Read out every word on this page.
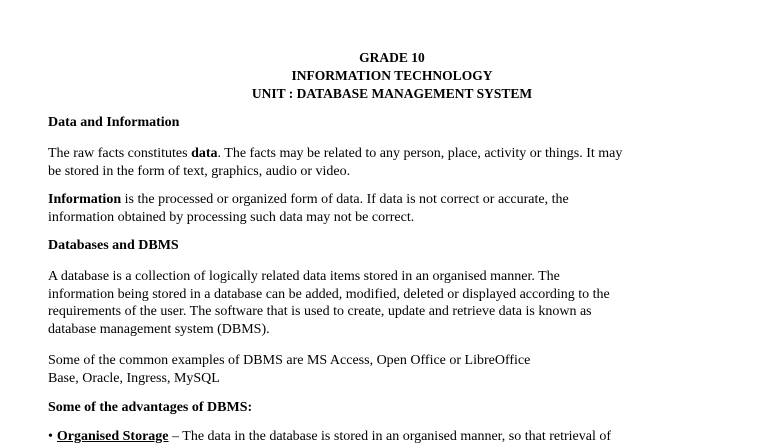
GRADE 10
INFORMATION TECHNOLOGY
UNIT : DATABASE MANAGEMENT SYSTEM
Data and Information
The raw facts constitutes data. The facts may be related to any person, place, activity or things. It may
be stored in the form of text, graphics, audio or video.
Information is the processed or organized form of data. If data is not correct or accurate, the
information obtained by processing such data may not be correct.
Databases and DBMS
A database is a collection of logically related data items stored in an organised manner. The
information being stored in a database can be added, modified, deleted or displayed according to the
requirements of the user. The software that is used to create, update and retrieve data is known as
database management system (DBMS).
Some of the common examples of DBMS are MS Access, Open Office or LibreOffice
Base, Oracle, Ingress, MySQL
Some of the advantages of DBMS:
• Organised Storage – The data in the database is stored in an organised manner, so that retrieval of
